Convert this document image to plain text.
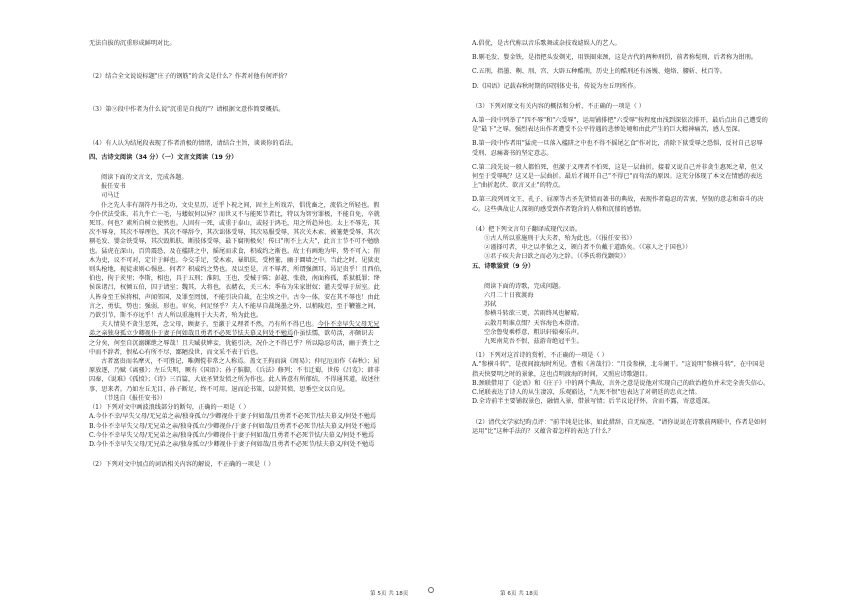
无法自拔的沉重形成鲜明对比。
（2）结合全文说说标题"庄子的钢筋"的含义是什么？作者对他有何评价？
（3）第⑨段中作者为什么说"沉重是自找的"？请根据文意作简要概括。
（4）有人认为结尾段表现了作者消极的情绪，请结合主旨，谈谈你的看法。
四、古诗文阅读（34 分）（一）文言文阅读（19 分）
阅读下面的文言文，完成各题。
报任安书
司马迁
仆之先人非有剖符丹书之功，文史星历，近乎卜祝之间，固主上所戏弄，倡优畜之，流俗之所轻也。假
令仆伏法受诛，若九牛亡一毛，与蝼蚁何以异？而世又不与能死节者比，特以为智穷罪极，不能自免，卒就
死耳。何也？素所自树立使然也。人固有一死，或重于泰山，或轻于鸿毛，用之所趋异也。太上不辱先，其
次不辱身，其次不辱理色，其次不辱辞令，其次诎体受辱，其次易服受辱，其次关木索、被箠楚受辱，其次
剔毛发、婴金铁受辱，其次毁肌肤、断肢体受辱，最下腐刑极矣！传曰"刑不上大夫"，此言士节不可不勉励
也。猛虎在深山，百兽震恐，及在槛阱之中，摇尾而求食，积威约之渐也。故士有画地为牢，势不可入；削
木为吏，议不可对，定计于鲜也。今交手足，受木索，暴肌肤，受榜箠，幽于圜墙之中。当此之时，见狱吏
则头枪地，视徒隶则心惕息。何者？积威约之势也。及以至是，言不辱者，所谓强颜耳，曷足贵乎！且西伯，
伯也，拘于羑里；李斯，相也，具于五刑；淮阴，王也，受械于陈；彭越、张敖，南面称孤，系狱抵罪；绛
侯诛诸吕，权倾五伯，囚于请室；魏其，大将也，衣赭衣，关三木；季布为朱家钳奴；灌夫受辱于居室。此
人皆身至王侯将相，声闻邻国，及罪至罔加，不能引决自裁，在尘埃之中。古今一体，安在其不辱也！由此
言之，勇怯，势也；强弱，形也。审矣，何足怪乎？夫人不能早自裁绳墨之外，以稍陵迟，至于鞭箠之间，
乃欲引节，斯不亦远乎！古人所以重施刑于大夫者，殆为此也。
夫人情莫不贪生恶死，念父母，顾妻子，至激于义理者不然，乃有所不得已也。今仆不幸早失父母无兄
弟之亲独身孤立少卿视仆于妻子何如哉且勇者不必死节怯夫慕义何处不勉焉仆虽怯懦，欲苟活，亦颇识去
之分矣，何至自沉溺缧绁之辱哉！且夫臧获婢妾，犹能引决，况仆之不得已乎？所以隐忍苟活，幽于粪土之
中而不辞者，恨私心有所不尽，鄙陋没世，而文采不表于后也。
古者富贵而名摩灭，不可胜记，唯倜傥非常之人称焉。盖文王拘而演《周易》；仲尼厄而作《春秋》；屈
原放逐，乃赋《离骚》；左丘失明，厥有《国语》；孙子膑脚，《兵法》修列；不韦迁蜀，世传《吕览》；韩非
囚秦，《说难》《孤愤》；《诗》三百篇，大底圣贤发愤之所为作也。此人皆意有所郁结，不得通其道，故述往
事、思来者。乃如左丘无目，孙子断足，终不可用，退而论书策，以舒其愤，思垂空文以自见。
（节选自《报任安书》）
（1）下列对文中画波浪线部分的断句，正确的一项是（ ）
A.今仆不幸/早失父母/无兄弟之亲/独身孤立/少卿视仆于妻子何如哉/且勇者不必死节/怯夫慕义/何处不勉焉
B.今仆不幸早失父母/无兄弟之亲/独身孤立/少卿视仆/于妻子何如哉/且勇者不必死节/怯夫慕义/何处不勉焉
C.今仆不幸早失父母/无兄弟之亲/独身孤立/少卿视仆于妻子何如哉/且勇者不必死节怯/夫慕义/何处不勉焉
D.今仆不幸早失父母/无兄弟之亲/独身孤立/少卿视仆于妻子何如哉/且勇者不必死节/怯夫慕义/何处不勉焉
（2）下列对文中加点的词语相关内容的解说，不正确的一项是（ ）
A.倡优，是古代称以音乐歌舞或杂技戏谑娱人的艺人。
B.剔毛发、婴金铁，是指把头发剃光，用铁圈束颈，这是古代的两种刑罚，前者称髡刑，后者称为钳刑。
C.五刑，指墨、劓、刖、宫、大辟五种酷刑，历史上的酷刑还有汤镬、炮烙、腰斩、杖百等。
D.《国语》记载春秋时期的国别体史书，传说为左丘明所作。
（3）下列对原文有关内容的概括和分析，不正确的一项是（ ）
A.第一段中列举了"四不辱"和"六受辱"，运用铺排把"六受辱"按程度由浅到深依次排开，最后点出自己遭受的
是"最下"之辱。强烈表达出作者遭受不公平待遇的悲惨处境和由此产生的巨大精神痛苦，感人至深。
B.第一段中作者用"猛虎一旦落入槛阱之中也不得不摇尾乞食"作对比，消除下狱受辱之恐惧，反衬自己忍辱
受刑、忍痛著书的坚定意志。
C.第二段先说一般人都怕死，但激于义理者不怕死，这是一层曲折。接着又说自己并非贪生惠死之辈，但又
何至于受辱呢？这又是一层曲折。最后才揭开自己"不得已"而苟活的原因。这充分体现了本文在情感的表达
上"曲折起伏、欲言又止"的特点。
D.第三段列周文王、孔子、屈原等古圣先贤愤而著书的典故，表现作者隐忍的苦衷、坚韧的意志和奋斗的决
心。这些典故让人深刻的感受到作者饱含的人格和沉郁的感情。
（4）把下列文言句子翻译成现代汉语。
①古人所以重施刑于大夫者，殆为此也。（《报任安书》）
②谨择可者，申之以孝悌之义，颁白者不负戴于道路矣。（《寡人之于国也》）
③君子疾夫舍曰欲之而必为之辞。（《季氏将伐颛臾》）
五、诗歌鉴赏（9 分）
阅读下面的诗歌，完成问题。
六月二十日夜渡海
苏轼
参横斗转欲三更，苦雨终风也解晴。
云散月明谁点缀？天容海色本澄清。
空余鲁叟乘桴意，粗识轩辕奏乐声。
九死南荒吾不恨，兹游奇绝冠平生。
（1）下列对这首诗的赏析，不正确的一项是（ ）
A."参横斗转"，是夜间渡海时所见。曹植《善哉行》："月没参横，北斗阑干。"这说明"参横斗转"，在中国是
指天快要明之时的景象，这也点明渡海的时间，又照应诗歌题目。
B.颈联借用了《论语》和《庄子》中的两个典故，言外之意是说他对实现自己的政治抱负并未完全丧失信心。
C.尾联表达了诗人的从生凄凉，乐观豁达，"九死不恨"也表达了对朝廷的忠贞之情。
D.全诗前半主要铺叙景色，融情入景，借景写情；后半议论抒怀，含而不露，寄意遥深。
（2）清代文学家纪昀点评："前半纯是比体，如此措辞，自无痕迹。"请你说说在诗歌前两联中，作者是如何
运用"比"这种手法的？又蕴含着怎样的表达了什么？
第 5页 共 18页	第 6页 共 18页
